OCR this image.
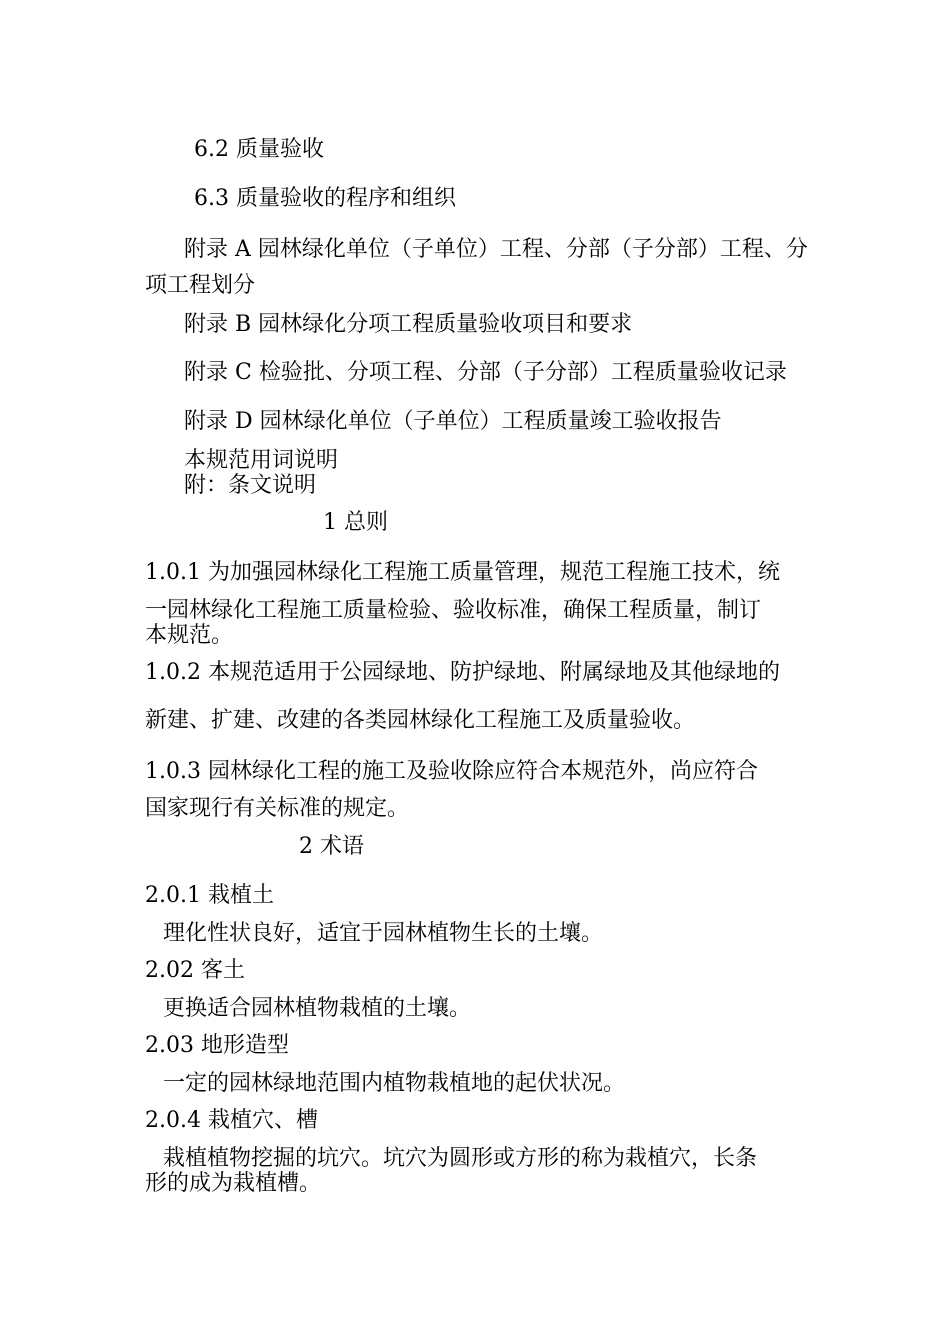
6.2 质量验收
6.3 质量验收的程序和组织
附录 A 园林绿化单位（子单位）工程、分部（子分部）工程、分
项工程划分
附录 B 园林绿化分项工程质量验收项目和要求
附录 C 检验批、分项工程、分部（子分部）工程质量验收记录
附录 D 园林绿化单位（子单位）工程质量竣工验收报告
本规范用词说明
附：条文说明
1 总则
1.0.1 为加强园林绿化工程施工质量管理，规范工程施工技术，统
一园林绿化工程施工质量检验、验收标准，确保工程质量，制订
本规范。
1.0.2 本规范适用于公园绿地、防护绿地、附属绿地及其他绿地的
新建、扩建、改建的各类园林绿化工程施工及质量验收。
1.0.3 园林绿化工程的施工及验收除应符合本规范外，尚应符合
国家现行有关标准的规定。
2 术语
2.0.1 栽植土
理化性状良好，适宜于园林植物生长的土壤。
2.02 客土
更换适合园林植物栽植的土壤。
2.03 地形造型
一定的园林绿地范围内植物栽植地的起伏状况。
2.0.4 栽植穴、槽
栽植植物挖掘的坑穴。坑穴为圆形或方形的称为栽植穴，长条
形的成为栽植槽。
